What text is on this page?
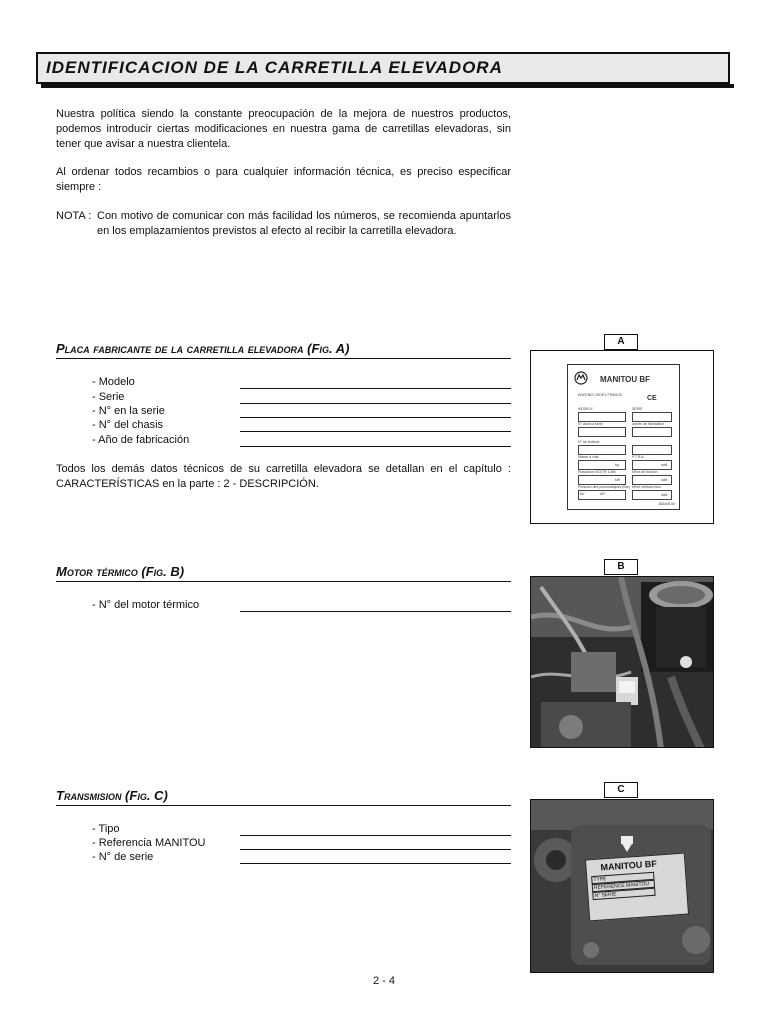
IDENTIFICACION DE LA CARRETILLA ELEVADORA
Nuestra política siendo la constante preocupación de la mejora de nuestros productos, podemos introducir ciertas modificaciones en nuestra gama de carretillas elevadoras, sin tener que avisar a nuestra clientela.
Al ordenar todos recambios o para cualquier información técnica, es preciso especificar siempre :
NOTA : Con motivo de comunicar con más facilidad los números, se recomienda apuntarlos en los emplazamientos previstos al efecto al recibir la carretilla elevadora.
Placa fabricante de la carretilla elevadora (Fig. A)
- Modelo
- Serie
- N° en la serie
- N° del chasis
- Año de fabricación
Todos los demás datos técnicos de su carretilla elevadora se detallan en el capítulo : CARACTERÍSTICAS en la parte : 2 - DESCRIPCIÓN.
A
MANITOU BF
CE
ANCENIS CEDEX FRANCE
MODELE	SERIE
N° dans la série	Année de fabrication
N° de châssis
Masse à vide	P.T.R.A.
kg	daN
Puissance ISO/TR 1496	Effort de traction
kW	daN
Pression des pneumatiques (Bar) Effort vertical maxi
AV	AR	daN
163449-00
Motor térmico (Fig. B)
- N° del motor térmico
B
Transmision (Fig. C)
- Tipo
- Referencia MANITOU
- N° de serie
C
MANITOU BF
TYPE
REFERENCE MANITOU
N° SERIE
2 - 4
